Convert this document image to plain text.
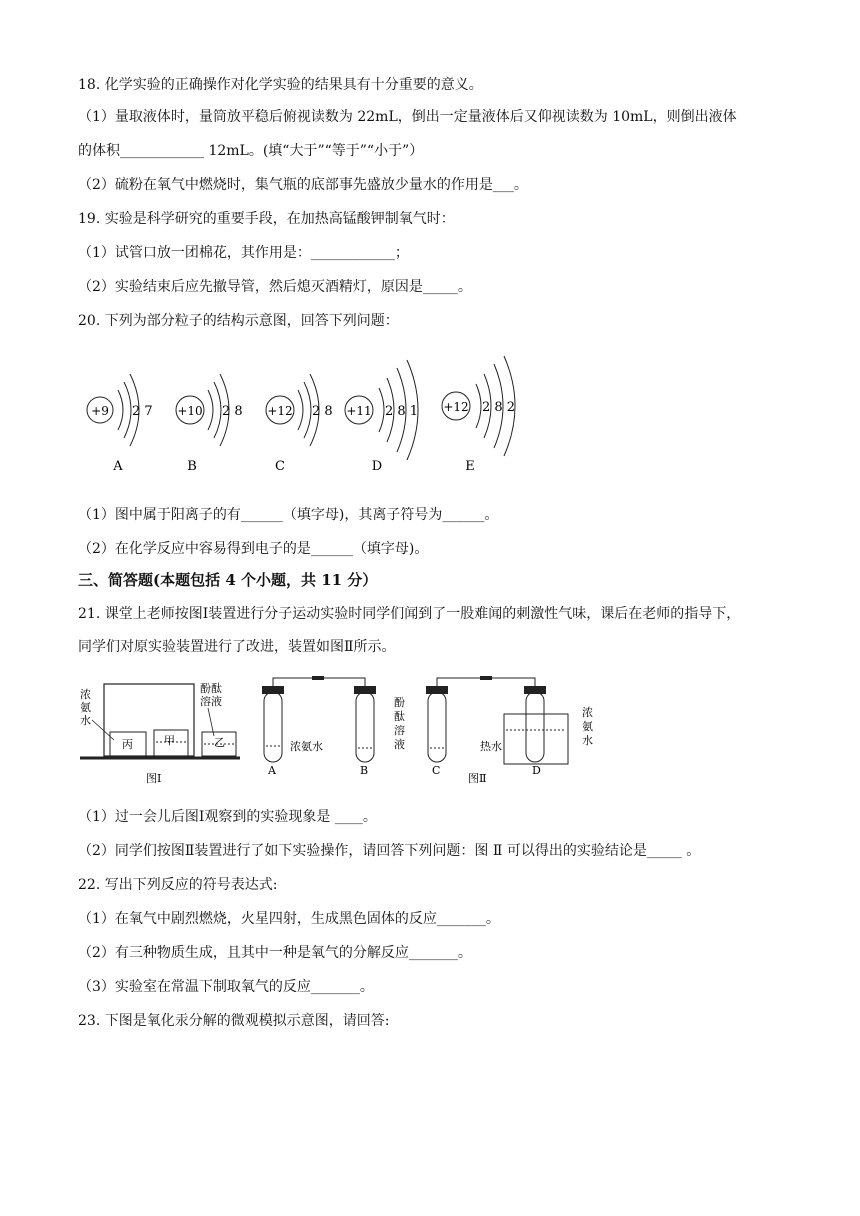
18. 化学实验的正确操作对化学实验的结果具有十分重要的意义。
（1）量取液体时，量筒放平稳后俯视读数为 22mL，倒出一定量液体后又仰视读数为 10mL，则倒出液体
的体积____________ 12mL。(填“大于”“等于”“小于”）
（2）硫粉在氧气中燃烧时，集气瓶的底部事先盛放少量水的作用是___。
19. 实验是科学研究的重要手段，在加热高锰酸钾制氧气时：
（1）试管口放一团棉花，其作用是：____________；
（2）实验结束后应先撤导管，然后熄灭酒精灯，原因是_____。
20. 下列为部分粒子的结构示意图，回答下列问题：
+9 2 7
A
+10 2 8
B
+12 2 8
C
+11 2 8 1
D
+12 2 8 2
E
（1）图中属于阳离子的有______（填字母)，其离子符号为______。
（2）在化学反应中容易得到电子的是______（填字母)。
三、简答题(本题包括 4 个小题，共 11 分）
21. 课堂上老师按图Ⅰ装置进行分子运动实验时同学们闻到了一股难闻的刺激性气味，课后在老师的指导下，
同学们对原实验装置进行了改进，装置如图Ⅱ所示。
浓
氨
水
酚酞
溶液
丙	甲	乙
图Ⅰ
浓氨水
酚
酞
溶
液	热水
浓
氨
水
A	B	C	D
图Ⅱ
（1）过一会儿后图Ⅰ观察到的实验现象是 ____。
（2）同学们按图Ⅱ装置进行了如下实验操作，请回答下列问题：图 Ⅱ 可以得出的实验结论是_____ 。
22. 写出下列反应的符号表达式:
（1）在氧气中剧烈燃烧，火星四射，生成黑色固体的反应_______。
（2）有三种物质生成，且其中一种是氧气的分解反应_______。
（3）实验室在常温下制取氧气的反应_______。
23. 下图是氧化汞分解的微观模拟示意图，请回答:
